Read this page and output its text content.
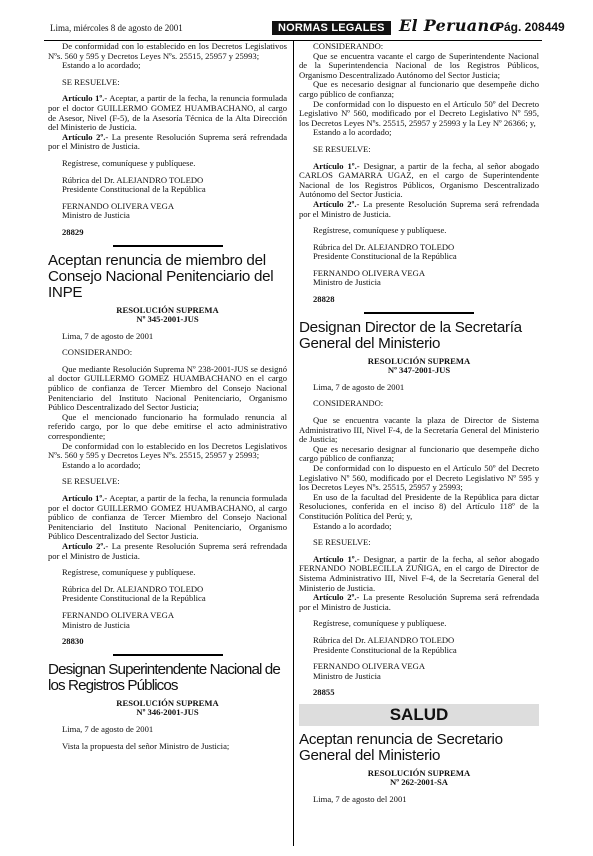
Lima, miércoles 8 de agosto de 2001	NORMAS LEGALES El Peruano
Pág. 208449

De conformidad con lo establecido en los Decretos Legislativos Nºs. 560 y 595 y Decretos Leyes Nºs. 25515, 25957 y 25993;

Estando a lo acordado;

SE RESUELVE:

Artículo 1º.- Aceptar, a partir de la fecha, la renuncia formulada por el doctor GUILLERMO GOMEZ HUAMBACHANO, al cargo de Asesor, Nivel (F-5), de la Asesoría Técnica de la Alta Dirección del Ministerio de Justicia.

Artículo 2º.- La presente Resolución Suprema será refrendada por el Ministro de Justicia.

Regístrese, comuníquese y publíquese.

Rúbrica del Dr. ALEJANDRO TOLEDO

Presidente Constitucional de la República

FERNANDO OLIVERA VEGA

Ministro de Justicia

28829
Aceptan renuncia de miembro del Consejo Nacional Penitenciario del INPE
RESOLUCIÓN SUPREMA
Nº 345-2001-JUS

Lima, 7 de agosto de 2001

CONSIDERANDO:

Que mediante Resolución Suprema Nº 238-2001-JUS se designó al doctor GUILLERMO GOMEZ HUAMBACHANO en el cargo público de confianza de Tercer Miembro del Consejo Nacional Penitenciario del Instituto Nacional Penitenciario, Organismo Público Descentralizado del Sector Justicia;

Que el mencionado funcionario ha formulado renuncia al referido cargo, por lo que debe emitirse el acto administrativo correspondiente;

De conformidad con lo establecido en los Decretos Legislativos Nºs. 560 y 595 y Decretos Leyes Nºs. 25515, 25957 y 25993;

Estando a lo acordado;

SE RESUELVE:

Artículo 1º.- Aceptar, a partir de la fecha, la renuncia formulada por el doctor GUILLERMO GOMEZ HUAMBACHANO, al cargo público de confianza de Tercer Miembro del Consejo Nacional Penitenciario del Instituto Nacional Penitenciario, Organismo Público Descentralizado del Sector Justicia.

Artículo 2º.- La presente Resolución Suprema será refrendada por el Ministro de Justicia.

Regístrese, comuníquese y publíquese.

Rúbrica del Dr. ALEJANDRO TOLEDO

Presidente Constitucional de la República

FERNANDO OLIVERA VEGA

Ministro de Justicia

28830
Designan Superintendente Nacional de los Registros Públicos
RESOLUCIÓN SUPREMA
Nº 346-2001-JUS

Lima, 7 de agosto de 2001

Vista la propuesta del señor Ministro de Justicia;

CONSIDERANDO:

Que se encuentra vacante el cargo de Superintendente Nacional de la Superintendencia Nacional de los Registros Públicos, Organismo Descentralizado Autónomo del Sector Justicia;

Que es necesario designar al funcionario que desempeñe dicho cargo público de confianza;

De conformidad con lo dispuesto en el Artículo 50º del Decreto Legislativo Nº 560, modificado por el Decreto Legislativo Nº 595, los Decretos Leyes Nºs. 25515, 25957 y 25993 y la Ley Nº 26366; y,

Estando a lo acordado;

SE RESUELVE:

Artículo 1º.- Designar, a partir de la fecha, al señor abogado CARLOS GAMARRA UGAZ, en el cargo de Superintendente Nacional de los Registros Públicos, Organismo Descentralizado Autónomo del Sector Justicia.

Artículo 2º.- La presente Resolución Suprema será refrendada por el Ministro de Justicia.

Regístrese, comuníquese y publíquese.

Rúbrica del Dr. ALEJANDRO TOLEDO

Presidente Constitucional de la República

FERNANDO OLIVERA VEGA

Ministro de Justicia

28828
Designan Director de la Secretaría General del Ministerio
RESOLUCIÓN SUPREMA
Nº 347-2001-JUS

Lima, 7 de agosto de 2001

CONSIDERANDO:

Que se encuentra vacante la plaza de Director de Sistema Administrativo III, Nivel F-4, de la Secretaría General del Ministerio de Justicia;

Que es necesario designar al funcionario que desempeñe dicho cargo público de confianza;

De conformidad con lo dispuesto en el Artículo 50º del Decreto Legislativo Nº 560, modificado por el Decreto Legislativo Nº 595 y los Decretos Leyes Nºs. 25515, 25957 y 25993;

En uso de la facultad del Presidente de la República para dictar Resoluciones, conferida en el inciso 8) del Artículo 118º de la Constitución Política del Perú; y,

Estando a lo acordado;

SE RESUELVE:

Artículo 1º.- Designar, a partir de la fecha, al señor abogado FERNANDO NOBLECILLA ZUÑIGA, en el cargo de Director de Sistema Administrativo III, Nivel F-4, de la Secretaría General del Ministerio de Justicia.

Artículo 2º.- La presente Resolución Suprema será refrendada por el Ministro de Justicia.

Regístrese, comuníquese y publíquese.

Rúbrica del Dr. ALEJANDRO TOLEDO

Presidente Constitucional de la República

FERNANDO OLIVERA VEGA

Ministro de Justicia

28855
SALUD
Aceptan renuncia de Secretario General del Ministerio
RESOLUCIÓN SUPREMA
Nº 262-2001-SA

Lima, 7 de agosto del 2001
